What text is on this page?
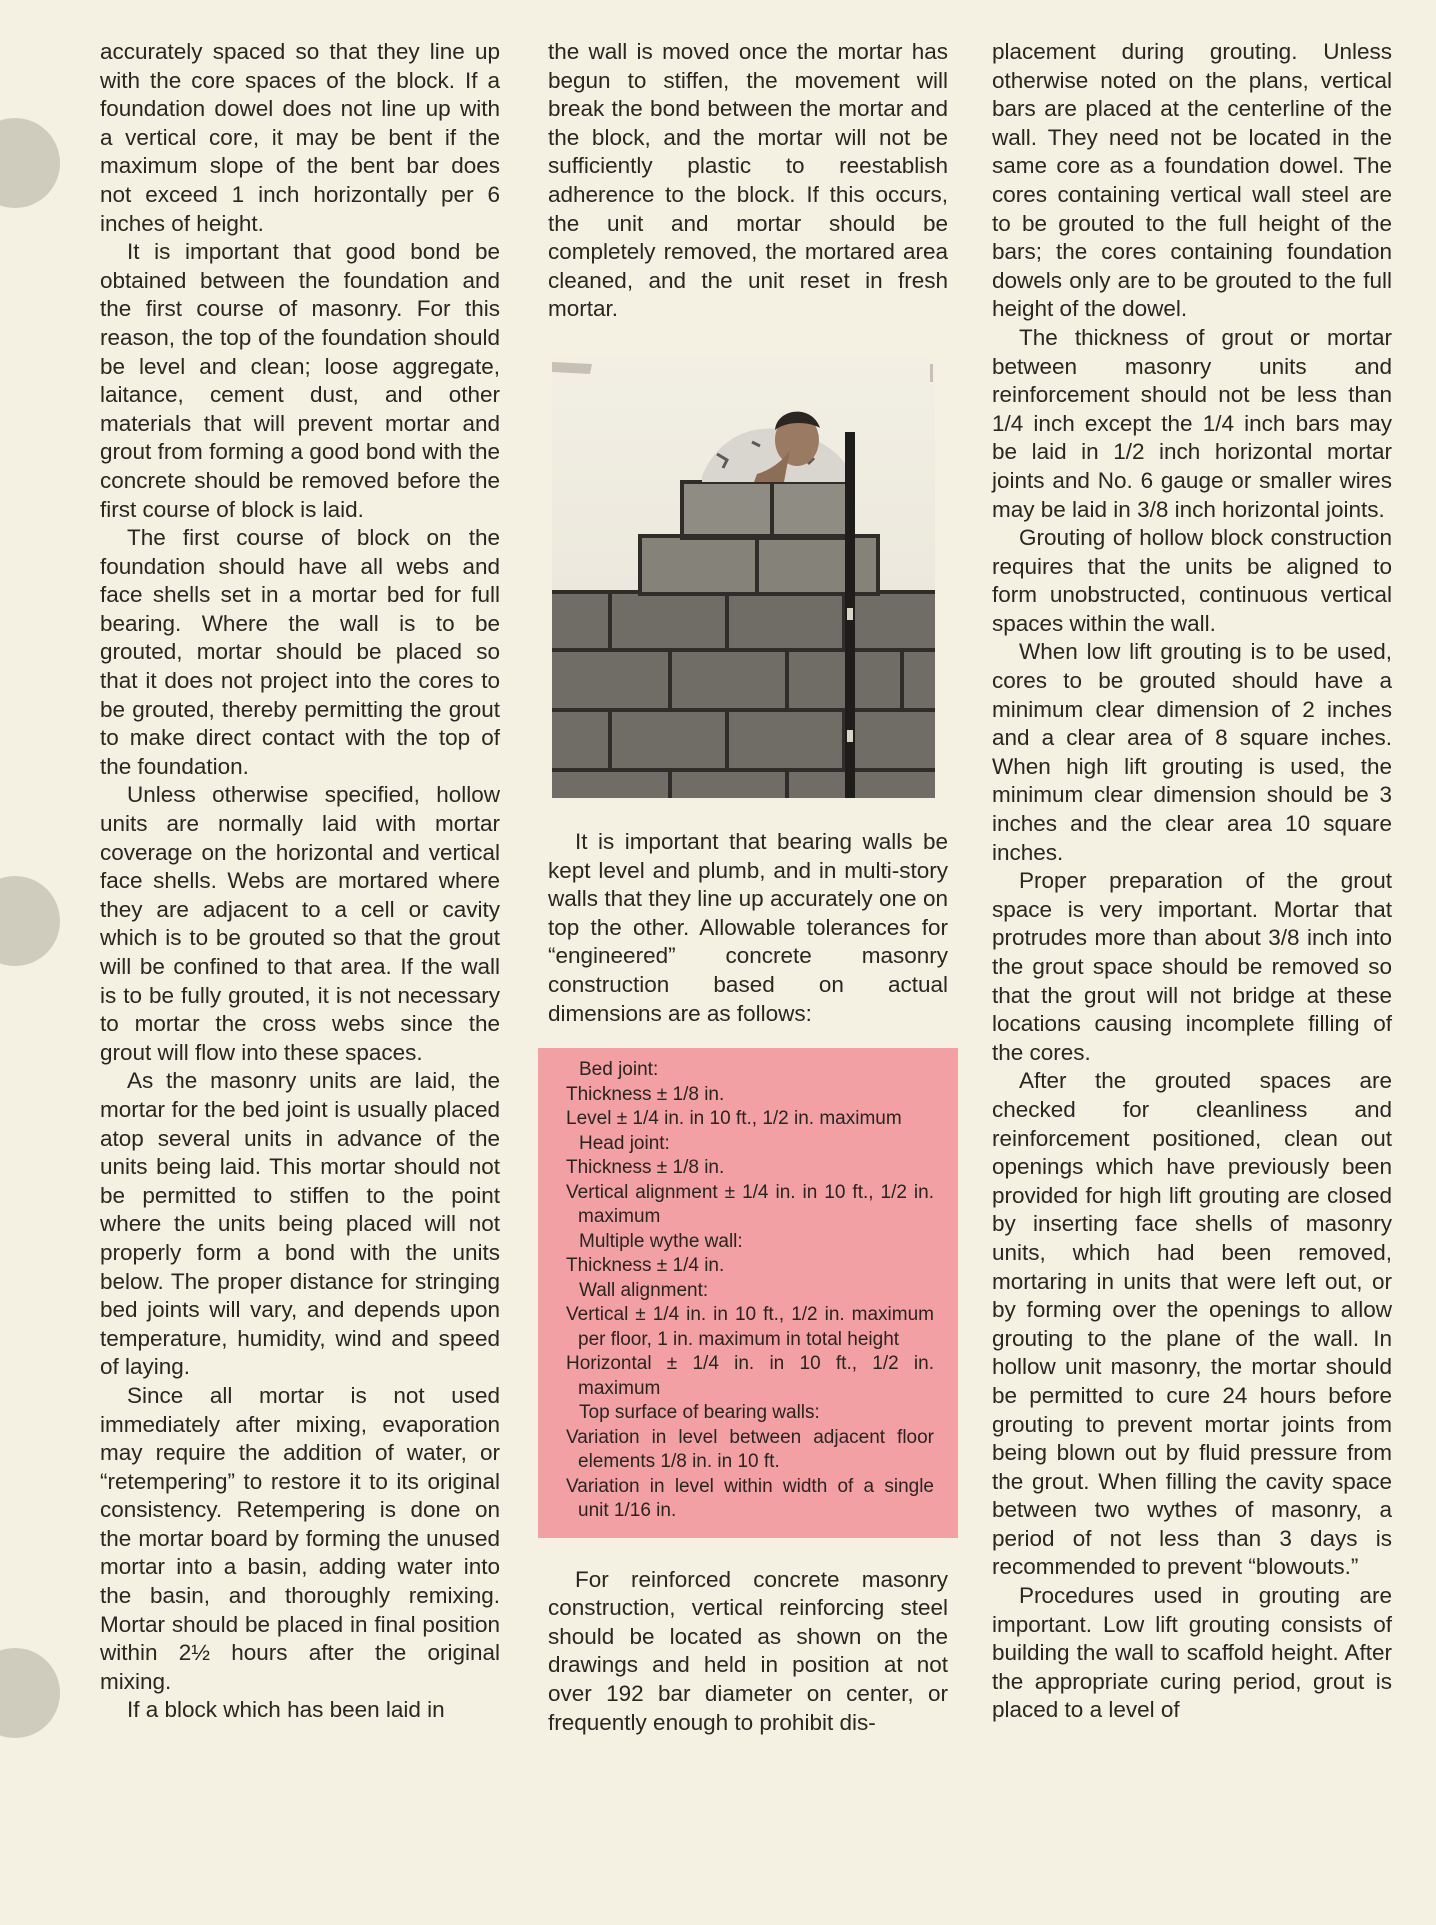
accurately spaced so that they line up with the core spaces of the block. If a foundation dowel does not line up with a vertical core, it may be bent if the maximum slope of the bent bar does not exceed 1 inch horizontally per 6 inches of height.

It is important that good bond be obtained between the foundation and the first course of masonry. For this reason, the top of the foundation should be level and clean; loose aggregate, laitance, cement dust, and other materials that will prevent mortar and grout from forming a good bond with the concrete should be removed before the first course of block is laid.

The first course of block on the foundation should have all webs and face shells set in a mortar bed for full bearing. Where the wall is to be grouted, mortar should be placed so that it does not project into the cores to be grouted, thereby permitting the grout to make direct contact with the top of the foundation.

Unless otherwise specified, hollow units are normally laid with mortar coverage on the horizontal and vertical face shells. Webs are mortared where they are adjacent to a cell or cavity which is to be grouted so that the grout will be confined to that area. If the wall is to be fully grouted, it is not necessary to mortar the cross webs since the grout will flow into these spaces.

As the masonry units are laid, the mortar for the bed joint is usually placed atop several units in advance of the units being laid. This mortar should not be permitted to stiffen to the point where the units being placed will not properly form a bond with the units below. The proper distance for stringing bed joints will vary, and depends upon temperature, humidity, wind and speed of laying.

Since all mortar is not used immediately after mixing, evaporation may require the addition of water, or “retempering” to restore it to its original consistency. Retempering is done on the mortar board by forming the unused mortar into a basin, adding water into the basin, and thoroughly remixing. Mortar should be placed in final position within 2½ hours after the original mixing.

If a block which has been laid in

the wall is moved once the mortar has begun to stiffen, the movement will break the bond between the mortar and the block, and the mortar will not be sufficiently plastic to reestablish adherence to the block. If this occurs, the unit and mortar should be completely removed, the mortared area cleaned, and the unit reset in fresh mortar.

It is important that bearing walls be kept level and plumb, and in multi-story walls that they line up accurately one on top the other. Allowable tolerances for “engineered” concrete masonry construction based on actual dimensions are as follows:

Bed joint:

Thickness ± 1/8 in.

Level ± 1/4 in. in 10 ft., 1/2 in. maximum

Head joint:

Thickness ± 1/8 in.

Vertical alignment ± 1/4 in. in 10 ft., 1/2 in. maximum

Multiple wythe wall:

Thickness ± 1/4 in.

Wall alignment:

Vertical ± 1/4 in. in 10 ft., 1/2 in. maximum per floor, 1 in. maximum in total height

Horizontal ± 1/4 in. in 10 ft., 1/2 in. maximum

Top surface of bearing walls:

Variation in level between adjacent floor elements 1/8 in. in 10 ft.

Variation in level within width of a single unit 1/16 in.

For reinforced concrete masonry construction, vertical reinforcing steel should be located as shown on the drawings and held in position at not over 192 bar diameter on center, or frequently enough to prohibit dis-

placement during grouting. Unless otherwise noted on the plans, vertical bars are placed at the centerline of the wall. They need not be located in the same core as a foundation dowel. The cores containing vertical wall steel are to be grouted to the full height of the bars; the cores containing foundation dowels only are to be grouted to the full height of the dowel.

The thickness of grout or mortar between masonry units and reinforcement should not be less than 1/4 inch except the 1/4 inch bars may be laid in 1/2 inch horizontal mortar joints and No. 6 gauge or smaller wires may be laid in 3/8 inch horizontal joints.

Grouting of hollow block construction requires that the units be aligned to form unobstructed, continuous vertical spaces within the wall.

When low lift grouting is to be used, cores to be grouted should have a minimum clear dimension of 2 inches and a clear area of 8 square inches. When high lift grouting is used, the minimum clear dimension should be 3 inches and the clear area 10 square inches.

Proper preparation of the grout space is very important. Mortar that protrudes more than about 3/8 inch into the grout space should be removed so that the grout will not bridge at these locations causing incomplete filling of the cores.

After the grouted spaces are checked for cleanliness and reinforcement positioned, clean out openings which have previously been provided for high lift grouting are closed by inserting face shells of masonry units, which had been removed, mortaring in units that were left out, or by forming over the openings to allow grouting to the plane of the wall. In hollow unit masonry, the mortar should be permitted to cure 24 hours before grouting to prevent mortar joints from being blown out by fluid pressure from the grout. When filling the cavity space between two wythes of masonry, a period of not less than 3 days is recommended to prevent “blowouts.”

Procedures used in grouting are important. Low lift grouting consists of building the wall to scaffold height. After the appropriate curing period, grout is placed to a level of
